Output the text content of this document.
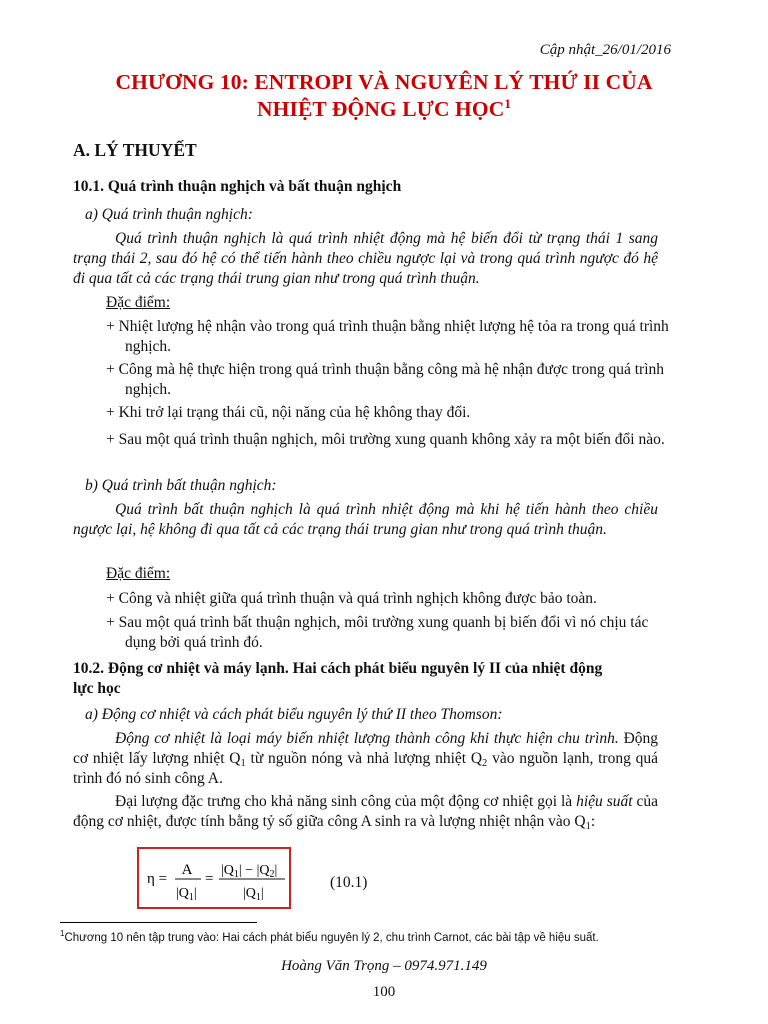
Cập nhật_26/01/2016
CHƯƠNG 10: ENTROPI VÀ NGUYÊN LÝ THỨ II CỦA
NHIỆT ĐỘNG LỰC HỌC$^1$
A. LÝ THUYẾT
10.1. Quá trình thuận nghịch và bất thuận nghịch
a) Quá trình thuận nghịch:
Quá trình thuận nghịch là quá trình nhiệt động mà hệ biến đổi từ trạng thái 1 sang trạng thái 2, sau đó hệ có thể tiến hành theo chiều ngược lại và trong quá trình ngược đó hệ đi qua tất cả các trạng thái trung gian như trong quá trình thuận.
Đặc điểm:
+ Nhiệt lượng hệ nhận vào trong quá trình thuận bằng nhiệt lượng hệ tỏa ra trong quá trình nghịch.
+ Công mà hệ thực hiện trong quá trình thuận bằng công mà hệ nhận được trong quá trình nghịch.
+ Khi trở lại trạng thái cũ, nội năng của hệ không thay đổi.
+ Sau một quá trình thuận nghịch, môi trường xung quanh không xảy ra một biến đổi nào.
b) Quá trình bất thuận nghịch:
Quá trình bất thuận nghịch là quá trình nhiệt động mà khi hệ tiến hành theo chiều ngược lại, hệ không đi qua tất cả các trạng thái trung gian như trong quá trình thuận.
Đặc điểm:
+ Công và nhiệt giữa quá trình thuận và quá trình nghịch không được bảo toàn.
+ Sau một quá trình bất thuận nghịch, môi trường xung quanh bị biến đổi vì nó chịu tác dụng bởi quá trình đó.
10.2. Động cơ nhiệt và máy lạnh. Hai cách phát biểu nguyên lý II của nhiệt động
lực học
a) Động cơ nhiệt và cách phát biểu nguyên lý thứ II theo Thomson:
Động cơ nhiệt là loại máy biến nhiệt lượng thành công khi thực hiện chu trình. Động cơ nhiệt lấy lượng nhiệt $Q_1$ từ nguồn nóng và nhả lượng nhiệt $Q_2$ vào nguồn lạnh, trong quá trình đó nó sinh công A.
Đại lượng đặc trưng cho khả năng sinh công của một động cơ nhiệt gọi là hiệu suất của động cơ nhiệt, được tính bằng tỷ số giữa công A sinh ra và lượng nhiệt nhận vào $Q_1$:
η =
A
$|Q_1|$
=
$|Q_1| - |Q_2|$
$|Q_1|$
(10.1)
$^1$Chương 10 nên tập trung vào: Hai cách phát biểu nguyên lý 2, chu trình Carnot, các bài tập về hiệu suất.
Hoàng Văn Trọng – 0974.971.149
100
